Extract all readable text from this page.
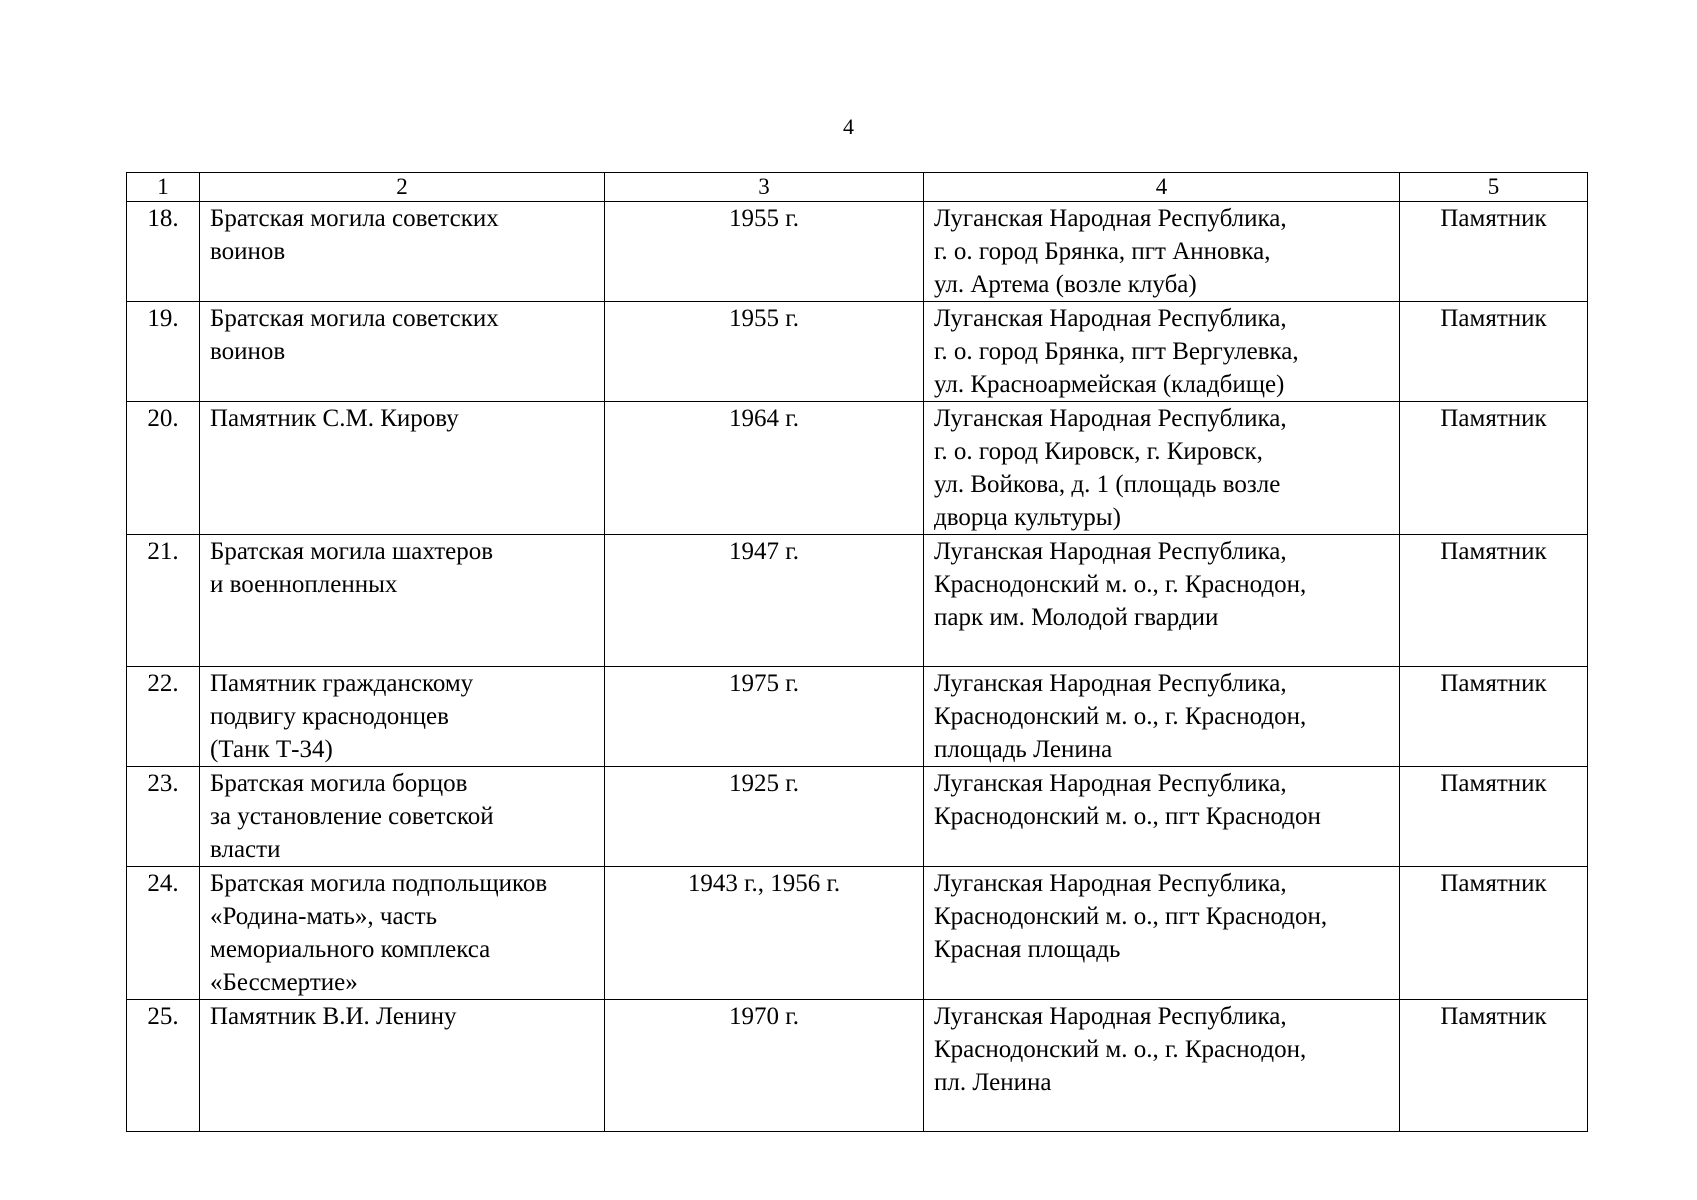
4
1	2	3	4	5
18.	Братская могила советских
воинов	1955 г.	Луганская Народная Республика,
г. о. город Брянка, пгт Анновка,
ул. Артема (возле клуба)	Памятник
19.	Братская могила советских
воинов	1955 г.	Луганская Народная Республика,
г. о. город Брянка, пгт Вергулевка,
ул. Красноармейская (кладбище)	Памятник
20.	Памятник С.М. Кирову	1964 г.	Луганская Народная Республика,
г. о. город Кировск, г. Кировск,
ул. Войкова, д. 1 (площадь возле
дворца культуры)	Памятник
21.	Братская могила шахтеров
и военнопленных	1947 г.	Луганская Народная Республика,
Краснодонский м. о., г. Краснодон,
парк им. Молодой гвардии	Памятник
22.	Памятник гражданскому
подвигу краснодонцев
(Танк Т-34)	1975 г.	Луганская Народная Республика,
Краснодонский м. о., г. Краснодон,
площадь Ленина	Памятник
23.	Братская могила борцов
за установление советской
власти	1925 г.	Луганская Народная Республика,
Краснодонский м. о., пгт Краснодон	Памятник
24.	Братская могила подпольщиков
«Родина-мать», часть
мемориального комплекса
«Бессмертие»	1943 г., 1956 г.	Луганская Народная Республика,
Краснодонский м. о., пгт Краснодон,
Красная площадь	Памятник
25.	Памятник В.И. Ленину	1970 г.	Луганская Народная Республика,
Краснодонский м. о., г. Краснодон,
пл. Ленина	Памятник
